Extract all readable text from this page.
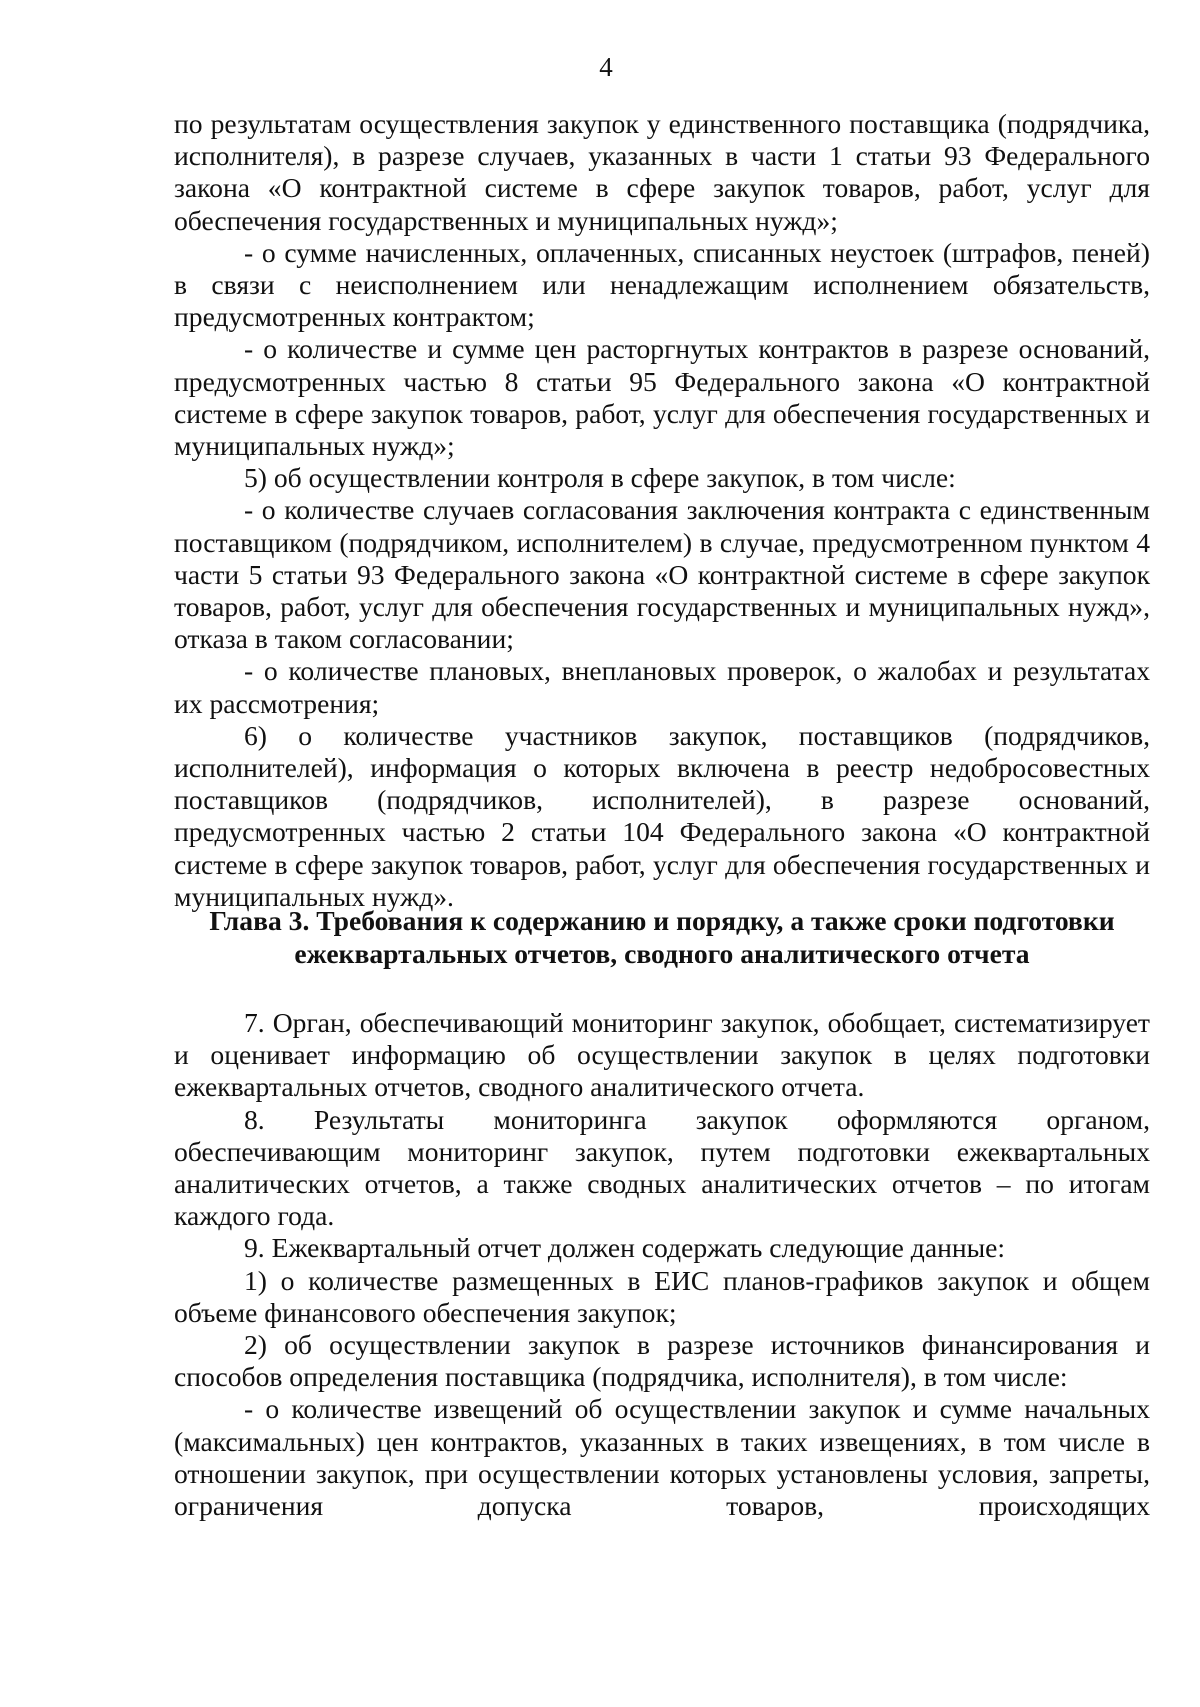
4

по результатам осуществления закупок у единственного поставщика (подрядчика, исполнителя), в разрезе случаев, указанных в части 1 статьи 93 Федерального закона «О контрактной системе в сфере закупок товаров, работ, услуг для обеспечения государственных и муниципальных нужд»;

- о сумме начисленных, оплаченных, списанных неустоек (штрафов, пеней) в связи с неисполнением или ненадлежащим исполнением обязательств, предусмотренных контрактом;

- о количестве и сумме цен расторгнутых контрактов в разрезе оснований, предусмотренных частью 8 статьи 95 Федерального закона «О контрактной системе в сфере закупок товаров, работ, услуг для обеспечения государственных и муниципальных нужд»;

5) об осуществлении контроля в сфере закупок, в том числе:

- о количестве случаев согласования заключения контракта с единственным поставщиком (подрядчиком, исполнителем) в случае, предусмотренном пунктом 4 части 5 статьи 93 Федерального закона «О контрактной системе в сфере закупок товаров, работ, услуг для обеспечения государственных и муниципальных нужд», отказа в таком согласовании;

- о количестве плановых, внеплановых проверок, о жалобах и результатах их рассмотрения;

6) о количестве участников закупок, поставщиков (подрядчиков, исполнителей), информация о которых включена в реестр недобросовестных поставщиков (подрядчиков, исполнителей), в разрезе оснований, предусмотренных частью 2 статьи 104 Федерального закона «О контрактной системе в сфере закупок товаров, работ, услуг для обеспечения государственных и муниципальных нужд».

Глава 3. Требования к содержанию и порядку, а также сроки подготовки
ежеквартальных отчетов, сводного аналитического отчета

7. Орган, обеспечивающий мониторинг закупок, обобщает, систематизирует и оценивает информацию об осуществлении закупок в целях подготовки ежеквартальных отчетов, сводного аналитического отчета.

8. Результаты мониторинга закупок оформляются органом, обеспечивающим мониторинг закупок, путем подготовки ежеквартальных аналитических отчетов, а также сводных аналитических отчетов – по итогам каждого года.

9. Ежеквартальный отчет должен содержать следующие данные:

1) о количестве размещенных в ЕИС планов-графиков закупок и общем объеме финансового обеспечения закупок;

2) об осуществлении закупок в разрезе источников финансирования и способов определения поставщика (подрядчика, исполнителя), в том числе:

- о количестве извещений об осуществлении закупок и сумме начальных (максимальных) цен контрактов, указанных в таких извещениях, в том числе в отношении закупок, при осуществлении которых установлены условия, запреты, ограничения допуска товаров, происходящих
